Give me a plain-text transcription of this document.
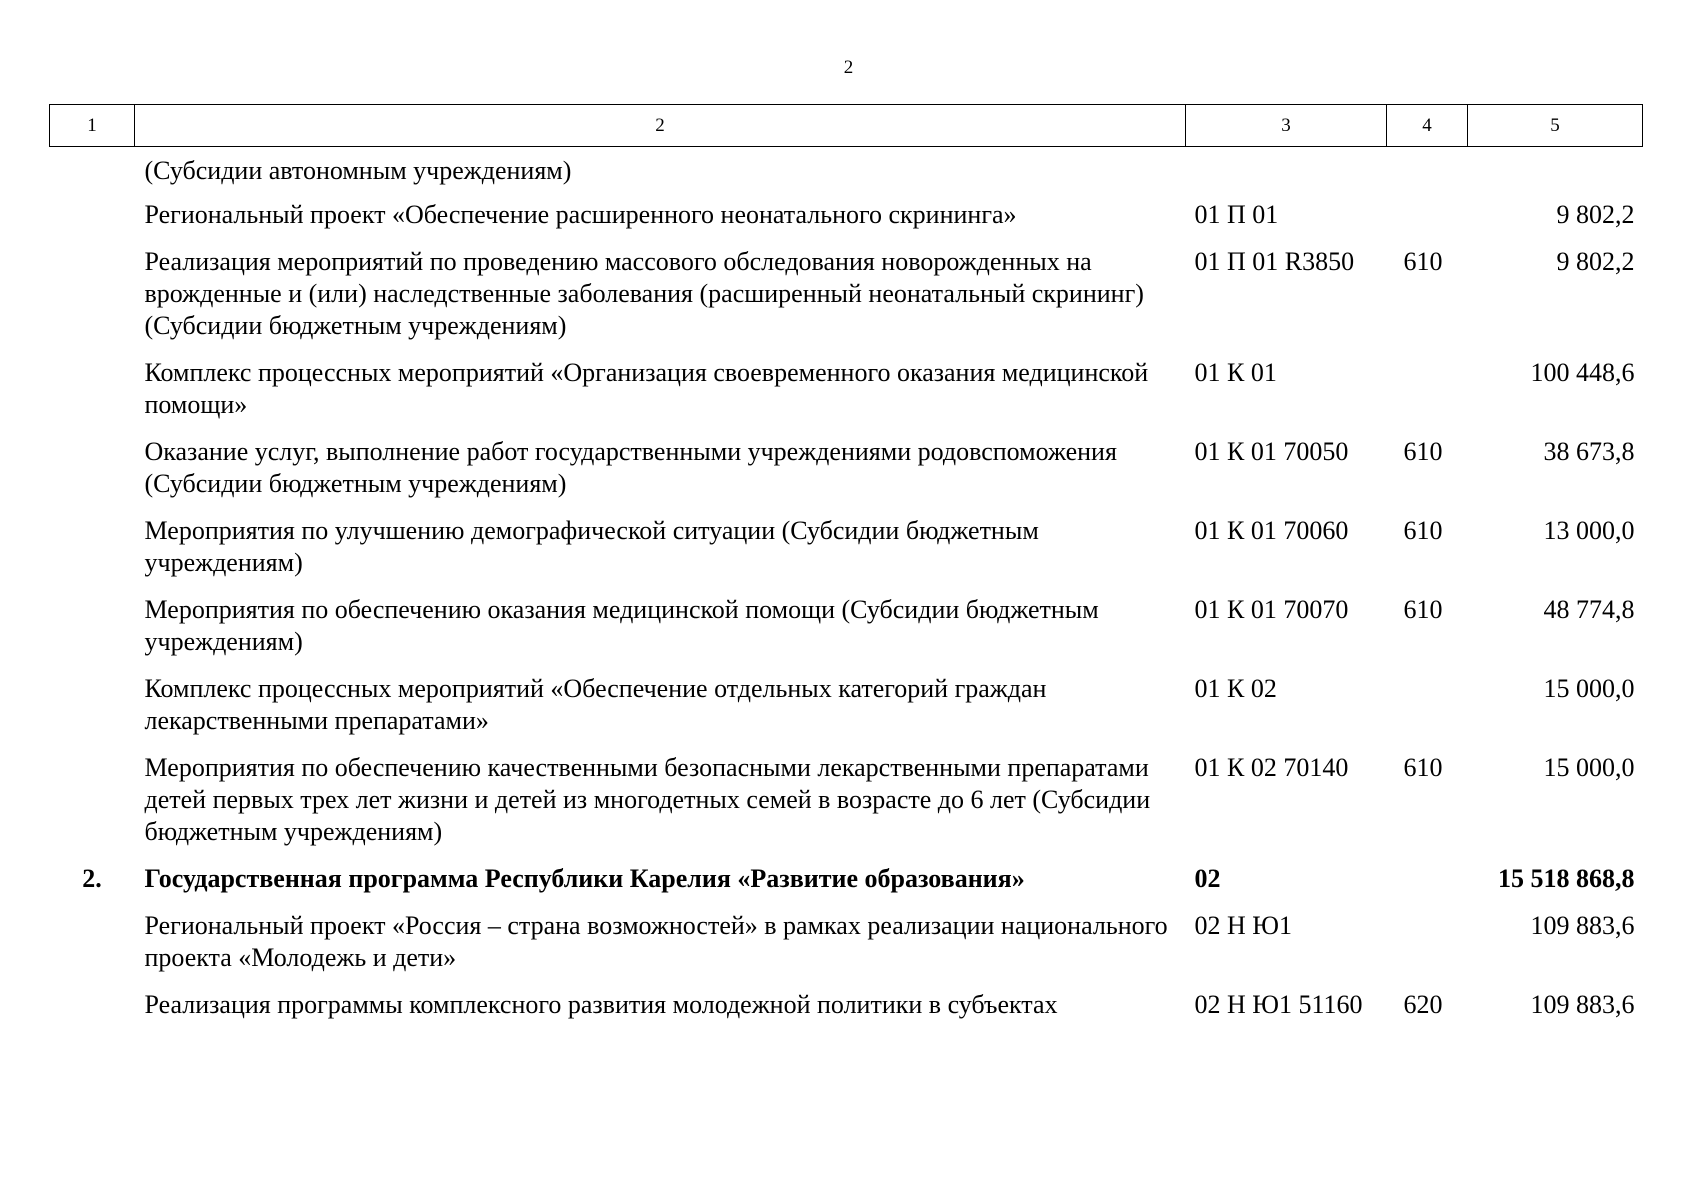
2
1	2	3	4	5
	(Субсидии автономным учреждениям)			
	Региональный проект «Обеспечение расширенного неонатального скрининга»	01 П 01		9 802,2
	Реализация мероприятий по проведению массового обследования новорожденных на врожденные и (или) наследственные заболевания (расширенный неонатальный скрининг) (Субсидии бюджетным учреждениям)	01 П 01 R3850	610	9 802,2
	Комплекс процессных мероприятий «Организация своевременного оказания медицинской помощи»	01 К 01		100 448,6
	Оказание услуг, выполнение работ государственными учреждениями родовспоможения (Субсидии бюджетным учреждениям)	01 К 01 70050	610	38 673,8
	Мероприятия по улучшению демографической ситуации (Субсидии бюджетным учреждениям)	01 К 01 70060	610	13 000,0
	Мероприятия по обеспечению оказания медицинской помощи (Субсидии бюджетным учреждениям)	01 К 01 70070	610	48 774,8
	Комплекс процессных мероприятий «Обеспечение отдельных категорий граждан лекарственными препаратами»	01 К 02		15 000,0
	Мероприятия по обеспечению качественными безопасными лекарственными препаратами детей первых трех лет жизни и детей из многодетных семей в возрасте до 6 лет (Субсидии бюджетным учреждениям)	01 К 02 70140	610	15 000,0
2.	Государственная программа Республики Карелия «Развитие образования»	02		15 518 868,8
	Региональный проект «Россия – страна возможностей» в рамках реализации национального проекта «Молодежь и дети»	02 Н Ю1		109 883,6
	Реализация программы комплексного развития молодежной политики в субъектах	02 Н Ю1 51160	620	109 883,6
